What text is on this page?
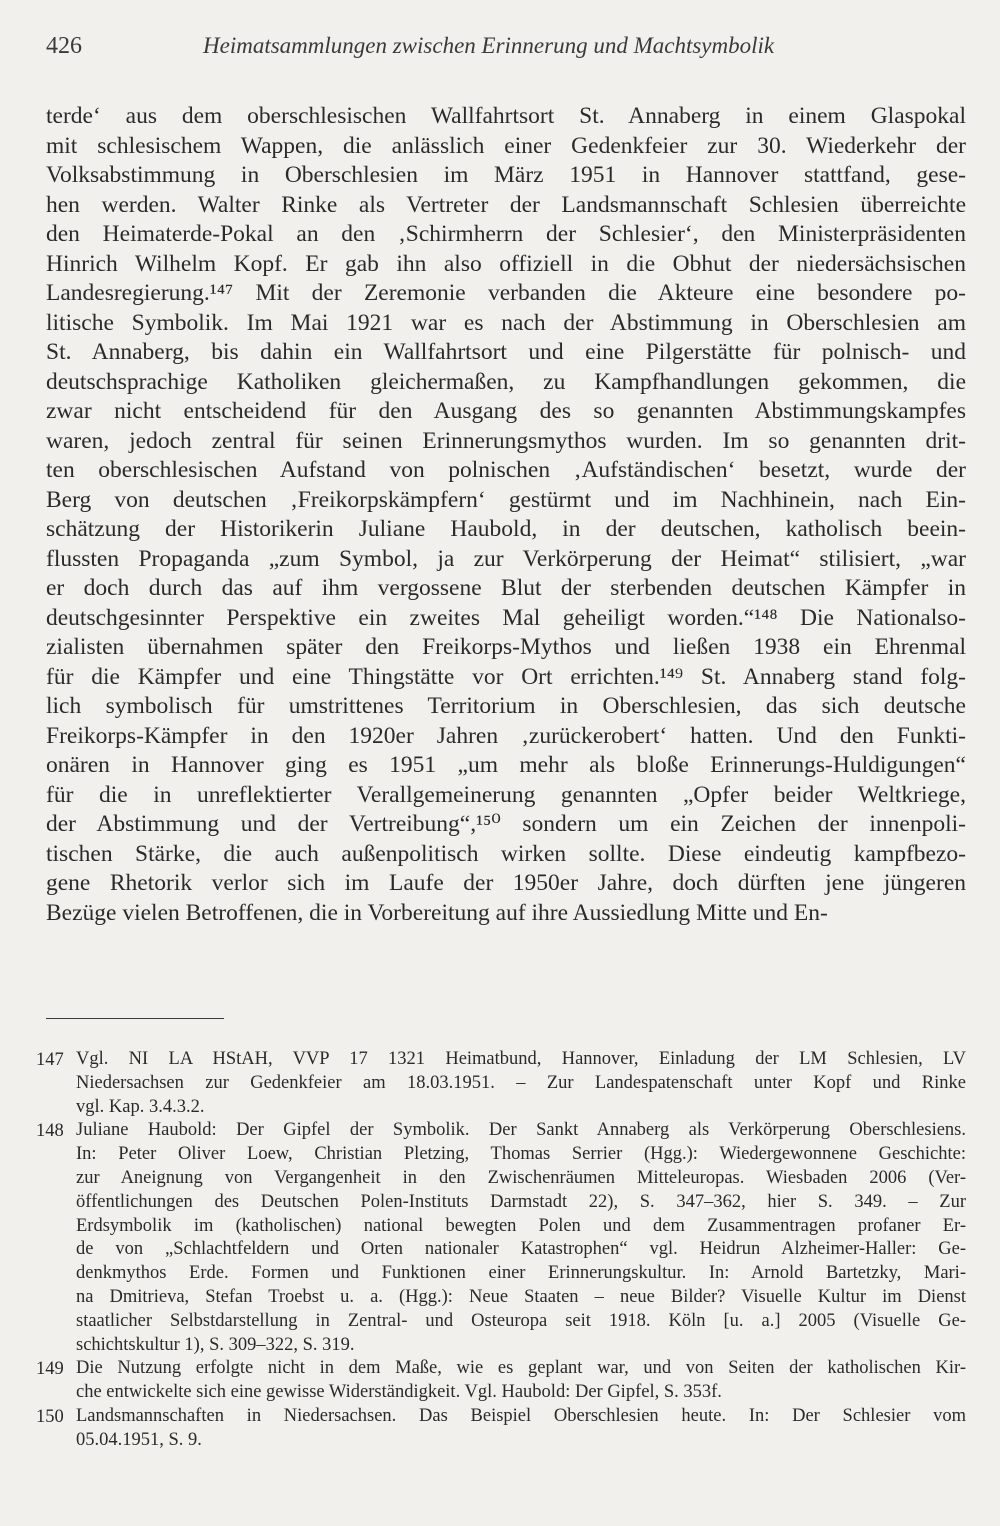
426	Heimatsammlungen zwischen Erinnerung und Machtsymbolik
terde‘ aus dem oberschlesischen Wallfahrtsort St. Annaberg in einem Glaspokal
mit schlesischem Wappen, die anlässlich einer Gedenkfeier zur 30. Wiederkehr der
Volksabstimmung in Oberschlesien im März 1951 in Hannover stattfand, gese-
hen werden. Walter Rinke als Vertreter der Landsmannschaft Schlesien überreichte
den Heimaterde-Pokal an den ‚Schirmherrn der Schlesier‘, den Ministerpräsidenten
Hinrich Wilhelm Kopf. Er gab ihn also offiziell in die Obhut der niedersächsischen
Landesregierung.¹⁴⁷ Mit der Zeremonie verbanden die Akteure eine besondere po-
litische Symbolik. Im Mai 1921 war es nach der Abstimmung in Oberschlesien am
St. Annaberg, bis dahin ein Wallfahrtsort und eine Pilgerstätte für polnisch- und
deutschsprachige Katholiken gleichermaßen, zu Kampfhandlungen gekommen, die
zwar nicht entscheidend für den Ausgang des so genannten Abstimmungskampfes
waren, jedoch zentral für seinen Erinnerungsmythos wurden. Im so genannten drit-
ten oberschlesischen Aufstand von polnischen ‚Aufständischen‘ besetzt, wurde der
Berg von deutschen ‚Freikorpskämpfern‘ gestürmt und im Nachhinein, nach Ein-
schätzung der Historikerin Juliane Haubold, in der deutschen, katholisch beein-
flussten Propaganda „zum Symbol, ja zur Verkörperung der Heimat“ stilisiert, „war
er doch durch das auf ihm vergossene Blut der sterbenden deutschen Kämpfer in
deutschgesinnter Perspektive ein zweites Mal geheiligt worden.“¹⁴⁸ Die Nationalso-
zialisten übernahmen später den Freikorps-Mythos und ließen 1938 ein Ehrenmal
für die Kämpfer und eine Thingstätte vor Ort errichten.¹⁴⁹ St. Annaberg stand folg-
lich symbolisch für umstrittenes Territorium in Oberschlesien, das sich deutsche
Freikorps-Kämpfer in den 1920er Jahren ‚zurückerobert‘ hatten. Und den Funkti-
onären in Hannover ging es 1951 „um mehr als bloße Erinnerungs-Huldigungen“
für die in unreflektierter Verallgemeinerung genannten „Opfer beider Weltkriege,
der Abstimmung und der Vertreibung“,¹⁵⁰ sondern um ein Zeichen der innenpoli-
tischen Stärke, die auch außenpolitisch wirken sollte. Diese eindeutig kampfbezo-
gene Rhetorik verlor sich im Laufe der 1950er Jahre, doch dürften jene jüngeren
Bezüge vielen Betroffenen, die in Vorbereitung auf ihre Aussiedlung Mitte und En-
147 Vgl. NI LA HStAH, VVP 17 1321 Heimatbund, Hannover, Einladung der LM Schlesien, LV
Niedersachsen zur Gedenkfeier am 18.03.1951. – Zur Landespatenschaft unter Kopf und Rinke
vgl. Kap. 3.4.3.2.
148 Juliane Haubold: Der Gipfel der Symbolik. Der Sankt Annaberg als Verkörperung Oberschlesiens.
In: Peter Oliver Loew, Christian Pletzing, Thomas Serrier (Hgg.): Wiedergewonnene Geschichte:
zur Aneignung von Vergangenheit in den Zwischenräumen Mitteleuropas. Wiesbaden 2006 (Ver-
öffentlichungen des Deutschen Polen-Instituts Darmstadt 22), S. 347–362, hier S. 349. – Zur
Erdsymbolik im (katholischen) national bewegten Polen und dem Zusammentragen profaner Er-
de von „Schlachtfeldern und Orten nationaler Katastrophen“ vgl. Heidrun Alzheimer-Haller: Ge-
denkmythos Erde. Formen und Funktionen einer Erinnerungskultur. In: Arnold Bartetzky, Mari-
na Dmitrieva, Stefan Troebst u. a. (Hgg.): Neue Staaten – neue Bilder? Visuelle Kultur im Dienst
staatlicher Selbstdarstellung in Zentral- und Osteuropa seit 1918. Köln [u. a.] 2005 (Visuelle Ge-
schichtskultur 1), S. 309–322, S. 319.
149 Die Nutzung erfolgte nicht in dem Maße, wie es geplant war, und von Seiten der katholischen Kir-
che entwickelte sich eine gewisse Widerständigkeit. Vgl. Haubold: Der Gipfel, S. 353f.
150 Landsmannschaften in Niedersachsen. Das Beispiel Oberschlesien heute. In: Der Schlesier vom
05.04.1951, S. 9.
